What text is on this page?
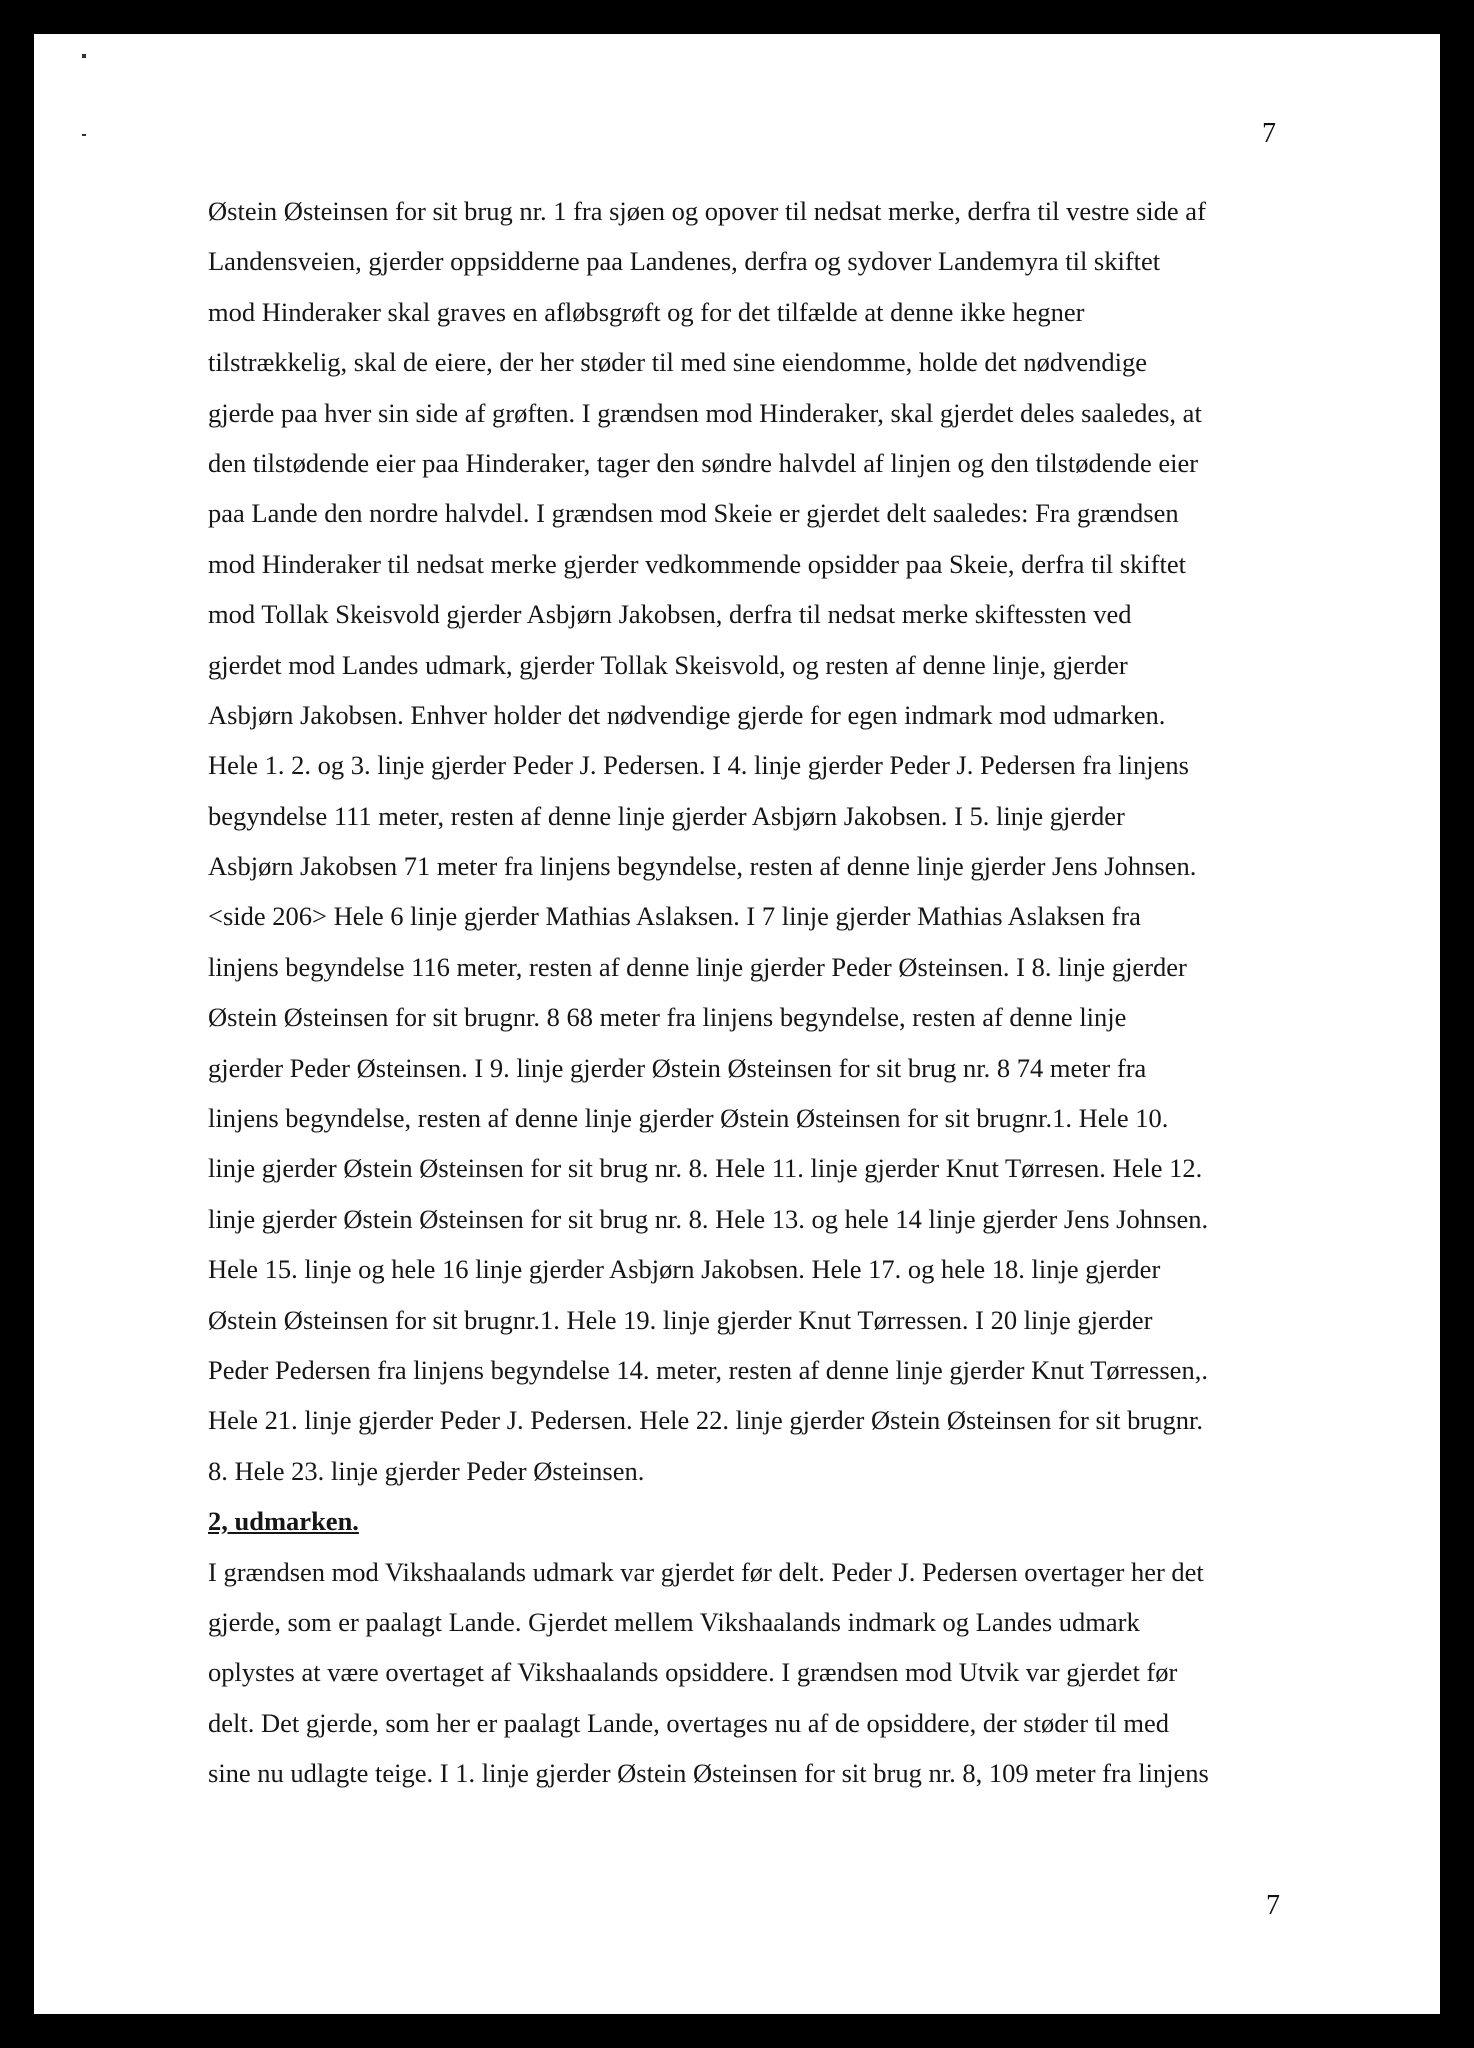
7
Østein Østeinsen for sit brug nr. 1 fra sjøen og opover til nedsat merke, derfra til vestre side af
Landensveien, gjerder oppsidderne paa Landenes, derfra og sydover Landemyra til skiftet
mod Hinderaker skal graves en afløbsgrøft og for det tilfælde at denne ikke hegner
tilstrækkelig, skal de eiere, der her støder til med sine eiendomme, holde det nødvendige
gjerde paa hver sin side af grøften. I grændsen mod Hinderaker, skal gjerdet deles saaledes, at
den tilstødende eier paa Hinderaker, tager den søndre halvdel af linjen og den tilstødende eier
paa Lande den nordre halvdel. I grændsen mod Skeie er gjerdet delt saaledes: Fra grændsen
mod Hinderaker til nedsat merke gjerder vedkommende opsidder paa Skeie, derfra til skiftet
mod Tollak Skeisvold gjerder Asbjørn Jakobsen, derfra til nedsat merke skiftessten ved
gjerdet mod Landes udmark, gjerder Tollak Skeisvold, og resten af denne linje, gjerder
Asbjørn Jakobsen. Enhver holder det nødvendige gjerde for egen indmark mod udmarken.
Hele 1. 2. og 3. linje gjerder Peder J. Pedersen. I 4. linje gjerder Peder J. Pedersen fra linjens
begyndelse 111 meter, resten af denne linje gjerder Asbjørn Jakobsen. I 5. linje gjerder
Asbjørn Jakobsen 71 meter fra linjens begyndelse, resten af denne linje gjerder Jens Johnsen.
<side 206> Hele 6 linje gjerder Mathias Aslaksen. I 7 linje gjerder Mathias Aslaksen fra
linjens begyndelse 116 meter, resten af denne linje gjerder Peder Østeinsen. I 8. linje gjerder
Østein Østeinsen for sit brugnr. 8 68 meter fra linjens begyndelse, resten af denne linje
gjerder Peder Østeinsen. I 9. linje gjerder Østein Østeinsen for sit brug nr. 8 74 meter fra
linjens begyndelse, resten af denne linje gjerder Østein Østeinsen for sit brugnr.1. Hele 10.
linje gjerder Østein Østeinsen for sit brug nr. 8. Hele 11. linje gjerder Knut Tørresen. Hele 12.
linje gjerder Østein Østeinsen for sit brug nr. 8. Hele 13. og hele 14 linje gjerder Jens Johnsen.
Hele 15. linje og hele 16 linje gjerder Asbjørn Jakobsen. Hele 17. og hele 18. linje gjerder
Østein Østeinsen for sit brugnr.1. Hele 19. linje gjerder Knut Tørressen. I 20 linje gjerder
Peder Pedersen fra linjens begyndelse 14. meter, resten af denne linje gjerder Knut Tørressen,.
Hele 21. linje gjerder Peder J. Pedersen. Hele 22. linje gjerder Østein Østeinsen for sit brugnr.
8. Hele 23. linje gjerder Peder Østeinsen.
2, udmarken.
I grændsen mod Vikshaalands udmark var gjerdet før delt. Peder J. Pedersen overtager her det
gjerde, som er paalagt Lande. Gjerdet mellem Vikshaalands indmark og Landes udmark
oplystes at være overtaget af Vikshaalands opsiddere. I grændsen mod Utvik var gjerdet før
delt. Det gjerde, som her er paalagt Lande, overtages nu af de opsiddere, der støder til med
sine nu udlagte teige. I 1. linje gjerder Østein Østeinsen for sit brug nr. 8, 109 meter fra linjens
7
